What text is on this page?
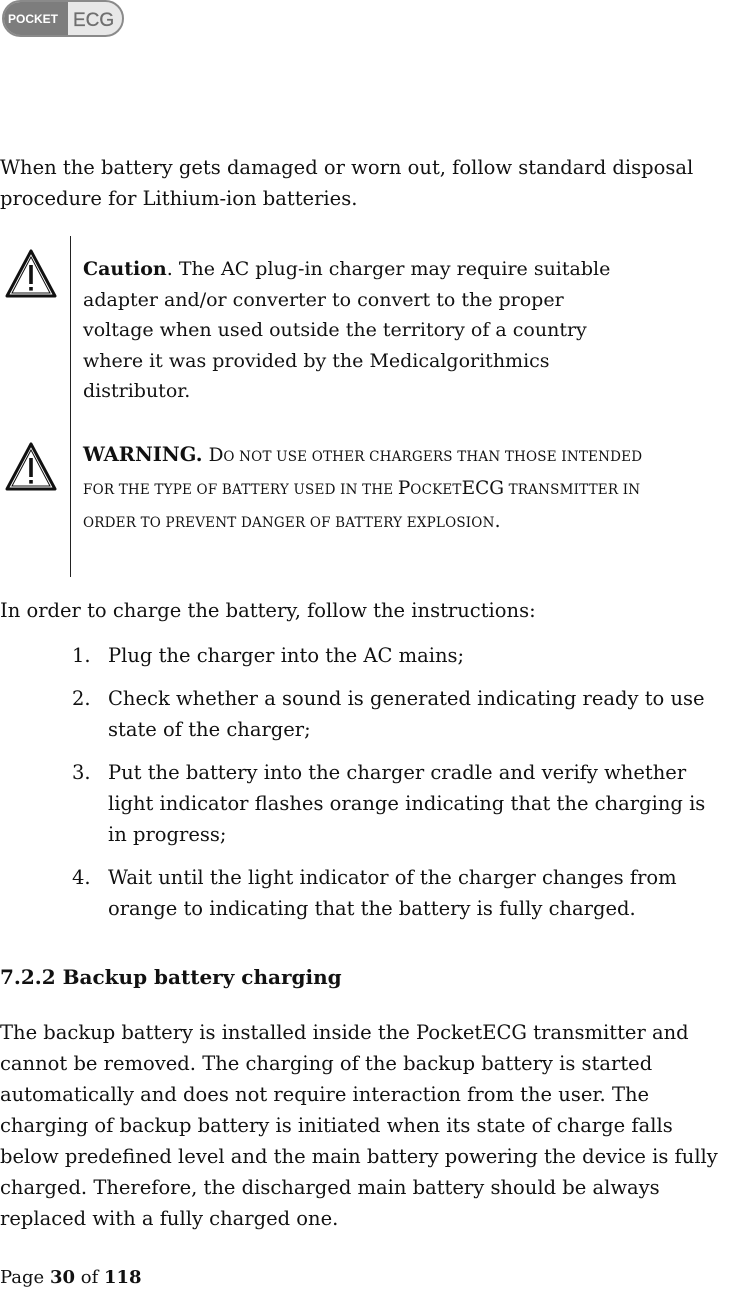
POCKET ECG

When the battery gets damaged or worn out, follow standard disposal procedure for Lithium-ion batteries.

Caution. The AC plug-in charger may require suitable adapter and/or converter to convert to the proper voltage when used outside the territory of a country where it was provided by the Medicalgorithmics distributor.

WARNING. DO NOT USE OTHER CHARGERS THAN THOSE INTENDED FOR THE TYPE OF BATTERY USED IN THE POCKETECG TRANSMITTER IN ORDER TO PREVENT DANGER OF BATTERY EXPLOSION.

In order to charge the battery, follow the instructions:

1. Plug the charger into the AC mains;
2. Check whether a sound is generated indicating ready to use state of the charger;
3. Put the battery into the charger cradle and verify whether light indicator flashes orange indicating that the charging is in progress;
4. Wait until the light indicator of the charger changes from orange to indicating that the battery is fully charged.
7.2.2 Backup battery charging

The backup battery is installed inside the PocketECG transmitter and cannot be removed. The charging of the backup battery is started automatically and does not require interaction from the user. The charging of backup battery is initiated when its state of charge falls below predefined level and the main battery powering the device is fully charged. Therefore, the discharged main battery should be always replaced with a fully charged one.

Page 30 of 118
